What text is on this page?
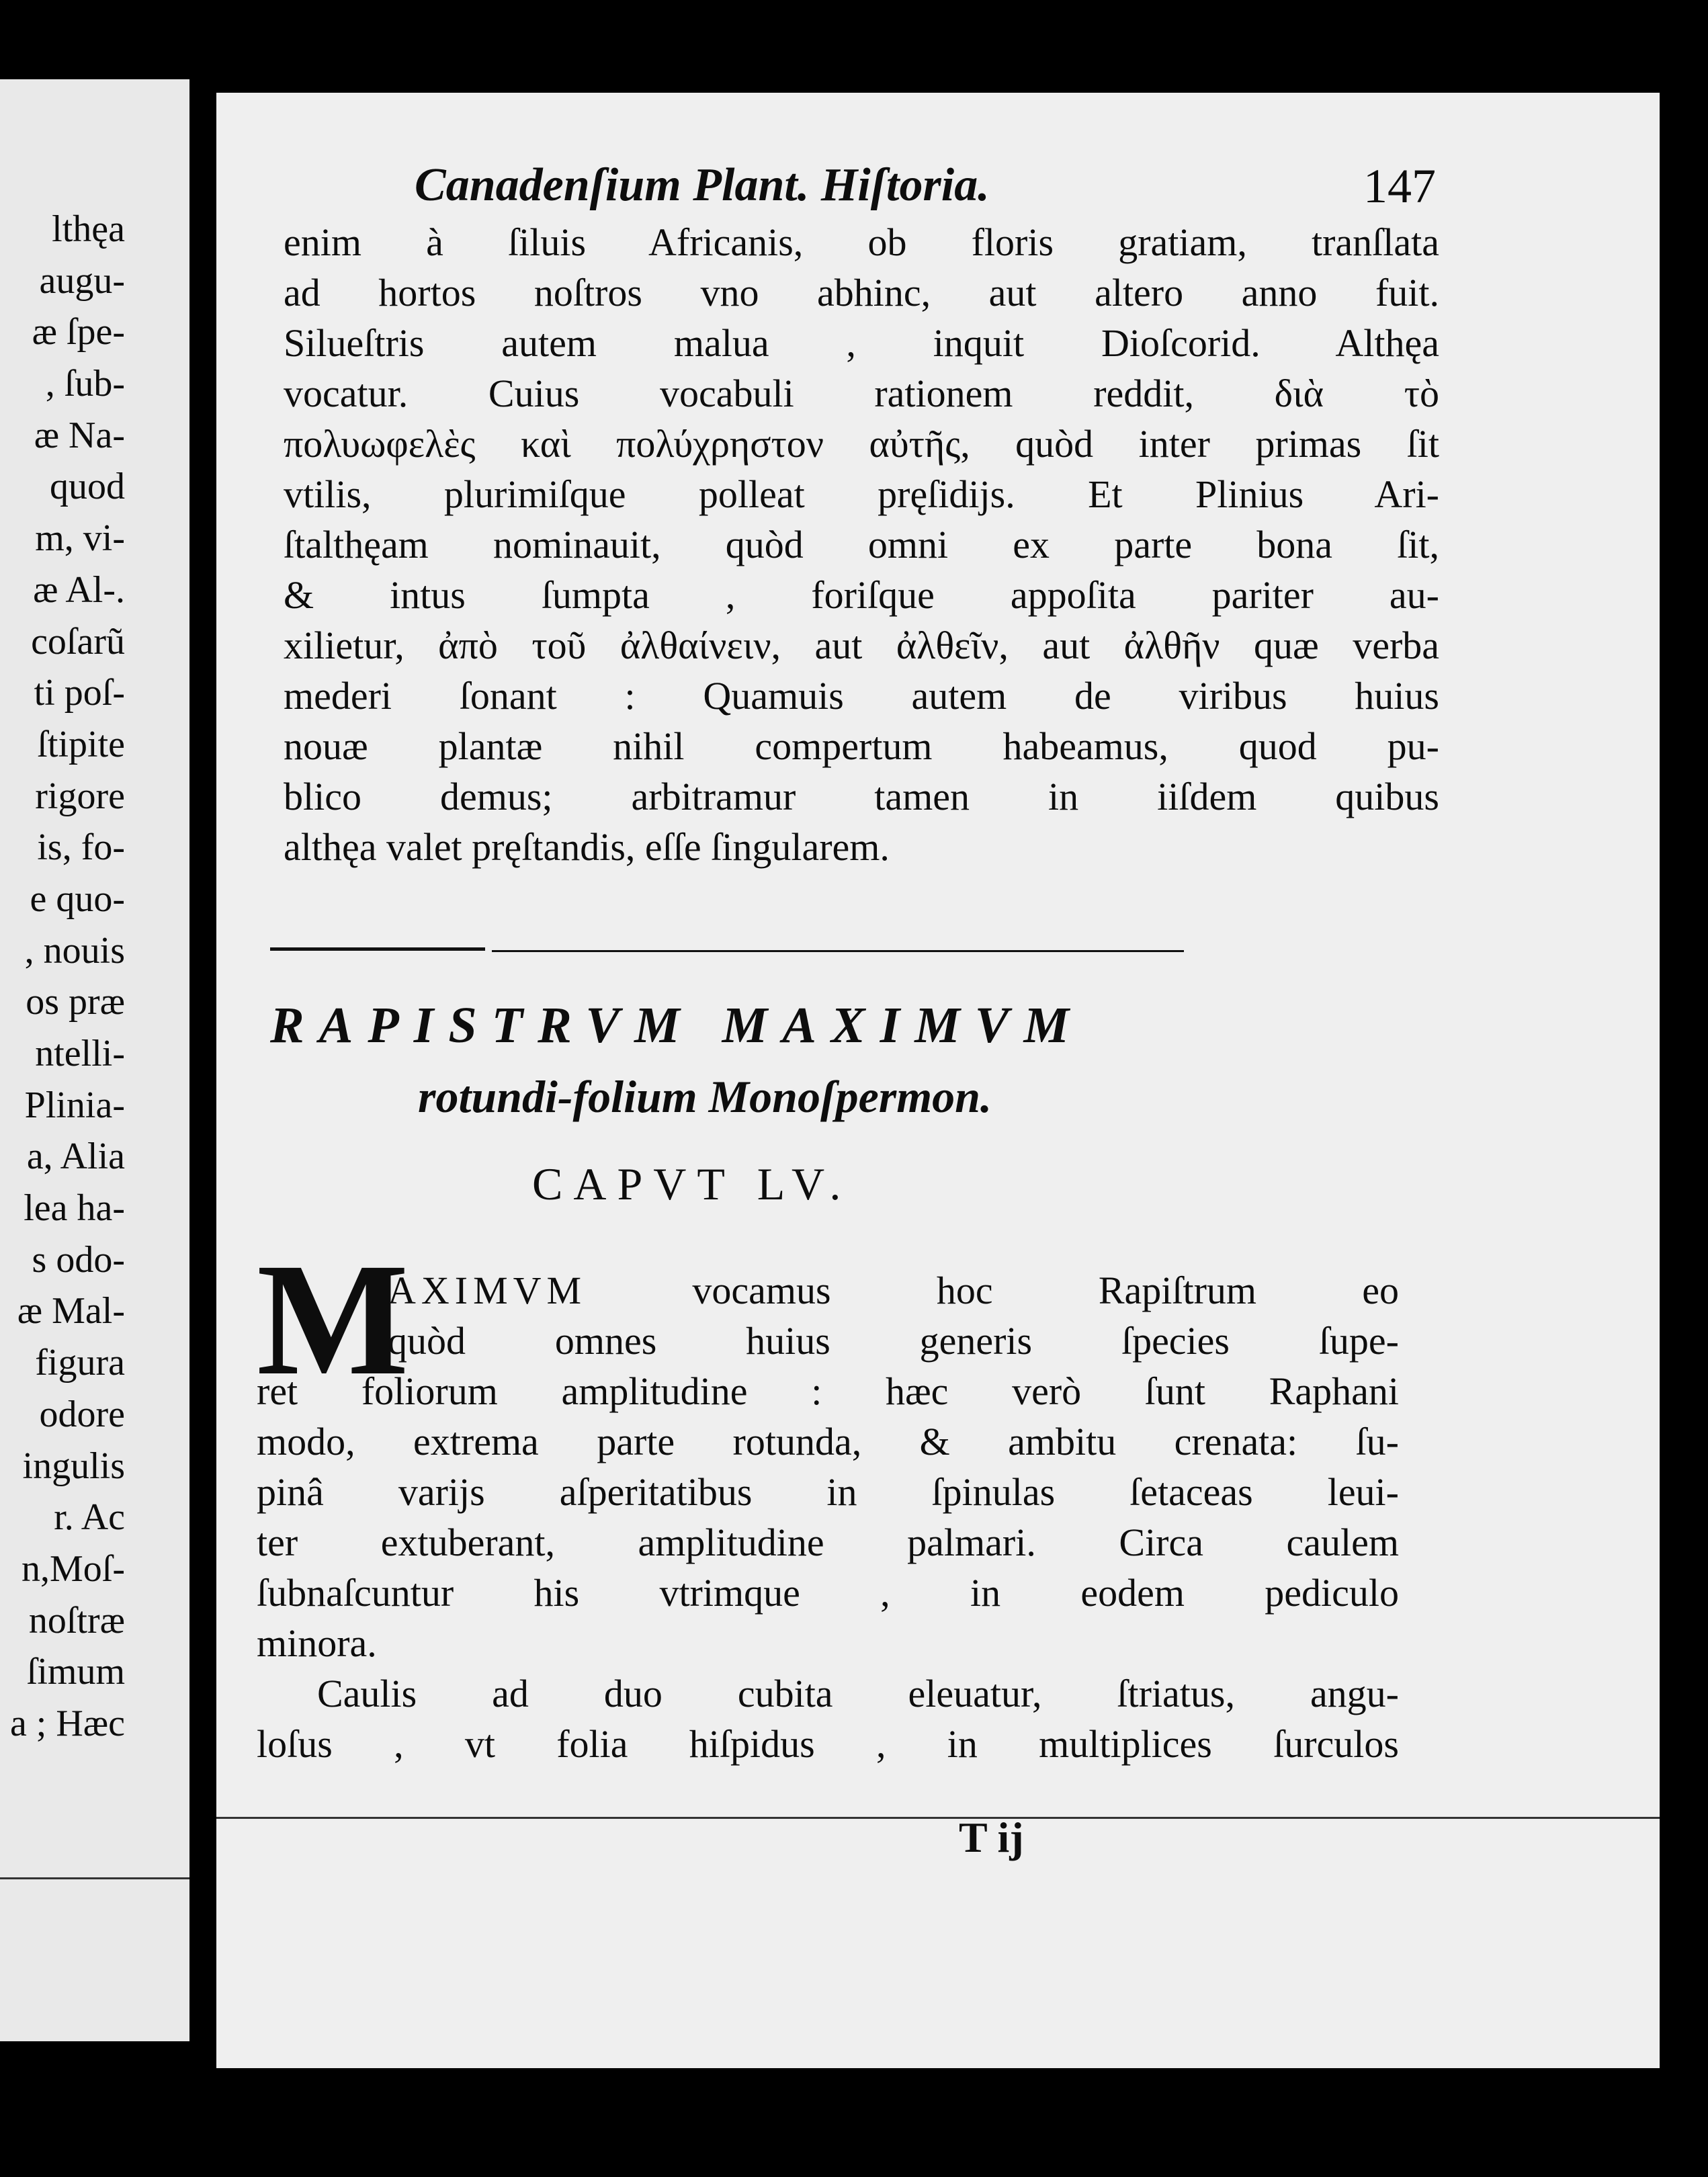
lthęa
augu-
æ ſpe-
, ſub-
æ Na-
quod
m, vi-
æ Al-.
coſarũ
ti poſ-
ſtipite
rigore
is, fo-
e quo-
, nouis
os præ
ntelli-
Plinia-
a, Alia
lea ha-
s odo-
æ Mal-
figura
odore
ingulis
r. Ac
n,Moſ-
noſtræ
ſimum
a ; Hæc
Canadenſium Plant. Hiſtoria.	147
enim à ſiluis Africanis, ob floris gratiam, tranſlata
ad hortos noſtros vno abhinc, aut altero anno fuit.
Silueſtris autem malua , inquit Dioſcorid. Althęa
vocatur. Cuius vocabuli rationem reddit, διὰ τὸ
πολυωφελὲς καὶ πολύχρηστον αὐτῆς, quòd inter primas ſit
vtilis, plurimiſque polleat pręſidijs. Et Plinius Ari-
ſtalthęam nominauit, quòd omni ex parte bona ſit,
& intus ſumpta , foriſque appoſita pariter au-
xilietur, ἀπὸ τοῦ ἀλθαίνειν, aut ἀλθεῖν, aut ἀλθῆν quæ verba
mederi ſonant : Quamuis autem de viribus huius
nouæ plantæ nihil compertum habeamus, quod pu-
blico demus; arbitramur tamen in iiſdem quibus
althęa valet pręſtandis, eſſe ſingularem.
RAPISTRVM MAXIMVM
rotundi-folium Monoſpermon.
CAPVT LV.
M
AXIMVM	vocamus hoc Rapiſtrum eo
quòd omnes huius generis ſpecies ſupe-
ret foliorum amplitudine : hæc verò ſunt Raphani
modo, extrema parte rotunda, & ambitu crenata: ſu-
pinâ varijs aſperitatibus in ſpinulas ſetaceas leui-
ter extuberant, amplitudine palmari. Circa caulem
ſubnaſcuntur his vtrimque , in eodem pediculo
minora.
Caulis ad duo cubita eleuatur, ſtriatus, angu-
loſus , vt folia hiſpidus , in multiplices ſurculos
T ij
